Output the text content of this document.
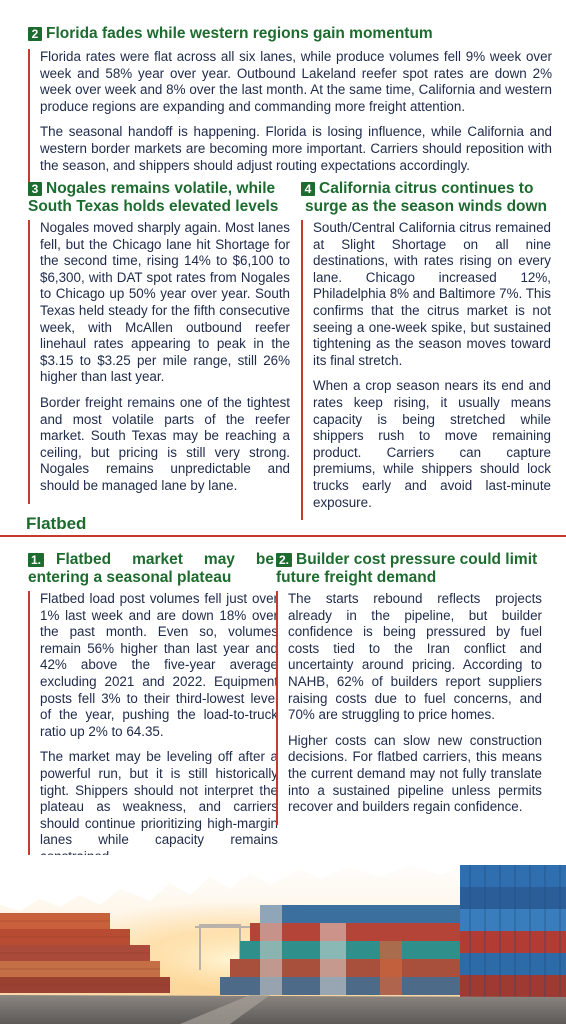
2 Florida fades while western regions gain momentum

Florida rates were flat across all six lanes, while produce volumes fell 9% week over week and 58% year over year. Outbound Lakeland reefer spot rates are down 2% week over week and 8% over the last month. At the same time, California and western produce regions are expanding and commanding more freight attention.

The seasonal handoff is happening. Florida is losing influence, while California and western border markets are becoming more important. Carriers should reposition with the season, and shippers should adjust routing expectations accordingly.

3 Nogales remains volatile, while
South Texas holds elevated levels

Nogales moved sharply again. Most lanes fell, but the Chicago lane hit Shortage for the second time, rising 14% to $6,100 to $6,300, with DAT spot rates from Nogales to Chicago up 50% year over year. South Texas held steady for the fifth consecutive week, with McAllen outbound reefer linehaul rates appearing to peak in the $3.15 to $3.25 per mile range, still 26% higher than last year.

Border freight remains one of the tightest and most volatile parts of the reefer market. South Texas may be reaching a ceiling, but pricing is still very strong. Nogales remains unpredictable and should be managed lane by lane.

4 California citrus continues to
surge as the season winds down

South/Central California citrus remained at Slight Shortage on all nine destinations, with rates rising on every lane. Chicago increased 12%, Philadelphia 8% and Baltimore 7%. This confirms that the citrus market is not seeing a one-week spike, but sustained tightening as the season moves toward its final stretch.

When a crop season nears its end and rates keep rising, it usually means capacity is being stretched while shippers rush to move remaining product. Carriers can capture premiums, while shippers should lock trucks early and avoid last-minute exposure.

Flatbed
1. Flatbed market may be
entering a seasonal plateau

Flatbed load post volumes fell just over 1% last week and are down 18% over the past month. Even so, volumes remain 56% higher than last year and 42% above the five-year average excluding 2021 and 2022. Equipment posts fell 3% to their third-lowest level of the year, pushing the load-to-truck ratio up 2% to 64.35.

The market may be leveling off after a powerful run, but it is still historically tight. Shippers should not interpret the plateau as weakness, and carriers should continue prioritizing high-margin lanes while capacity remains

2. Builder cost pressure could limit
future freight demand

The starts rebound reflects projects already in the pipeline, but builder confidence is being pressured by fuel costs tied to the Iran conflict and uncertainty around pricing. According to NAHB, 62% of builders report suppliers raising costs due to fuel concerns, and 70% are struggling to price homes.

Higher costs can slow new construction decisions. For flatbed carriers, this means the current demand may not fully translate into a sustained pipeline unless permits recover and builders regain confidence.
